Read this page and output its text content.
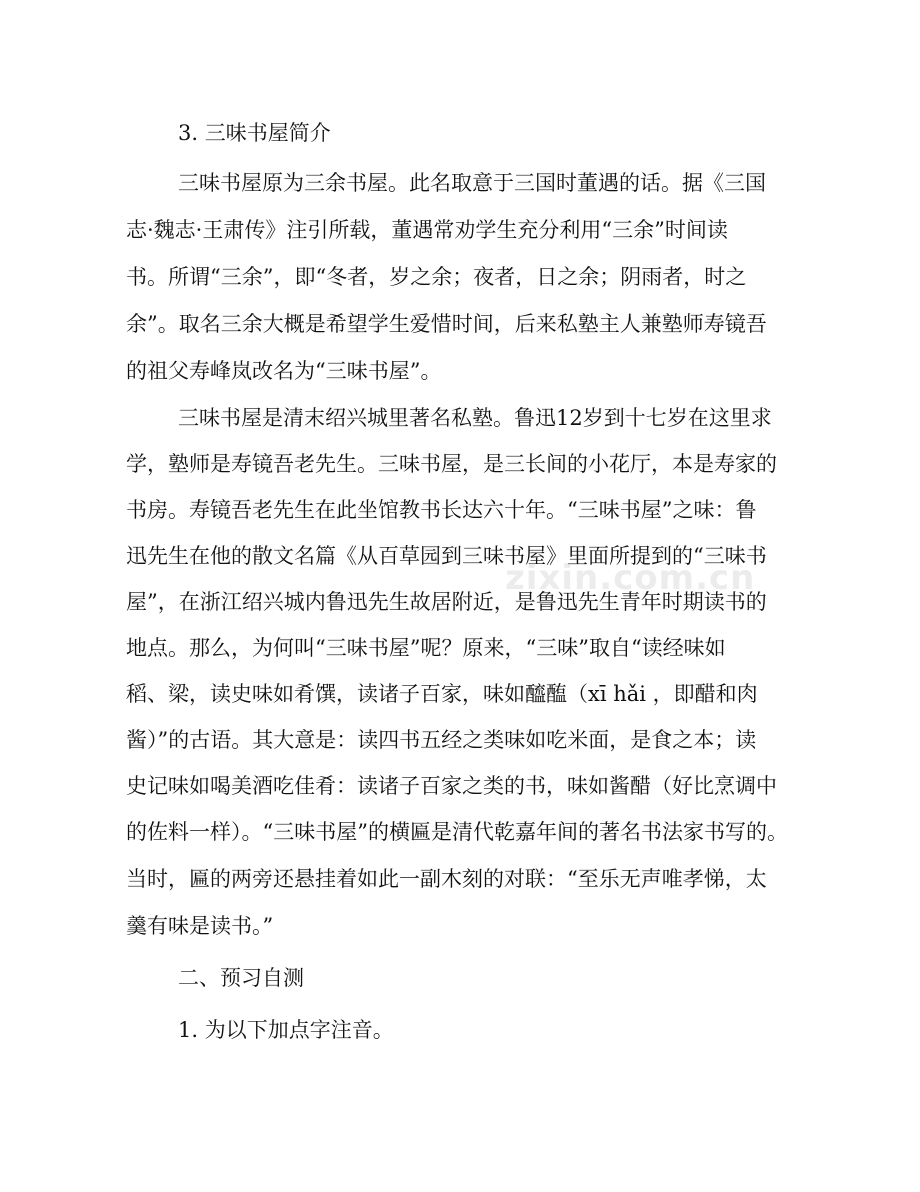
3. 三味书屋简介
三味书屋原为三余书屋。此名取意于三国时董遇的话。据《三国
志·魏志·王肃传》注引所载，董遇常劝学生充分利用“三余”时间读
书。所谓“三余”，即“冬者，岁之余；夜者，日之余；阴雨者，时之
余”。取名三余大概是希望学生爱惜时间，后来私塾主人兼塾师寿镜吾
的祖父寿峰岚改名为“三味书屋”。
三味书屋是清末绍兴城里著名私塾。鲁迅12岁到十七岁在这里求
学，塾师是寿镜吾老先生。三味书屋，是三长间的小花厅，本是寿家的
书房。寿镜吾老先生在此坐馆教书长达六十年。“三味书屋”之味：鲁
迅先生在他的散文名篇《从百草园到三味书屋》里面所提到的“三味书
屋”，在浙江绍兴城内鲁迅先生故居附近，是鲁迅先生青年时期读书的
地点。那么，为何叫“三味书屋”呢？原来，“三味”取自“读经味如
稻、梁，读史味如肴馔，读诸子百家，味如醯醢（xī hǎi ，即醋和肉
酱）”的古语。其大意是：读四书五经之类味如吃米面，是食之本；读
史记味如喝美酒吃佳肴：读诸子百家之类的书，味如酱醋（好比烹调中
的佐料一样）。“三味书屋”的横匾是清代乾嘉年间的著名书法家书写的。
当时，匾的两旁还悬挂着如此一副木刻的对联：“至乐无声唯孝悌，太
羹有味是读书。”
二、预习自测
1. 为以下加点字注音。
zixin.com.cn
